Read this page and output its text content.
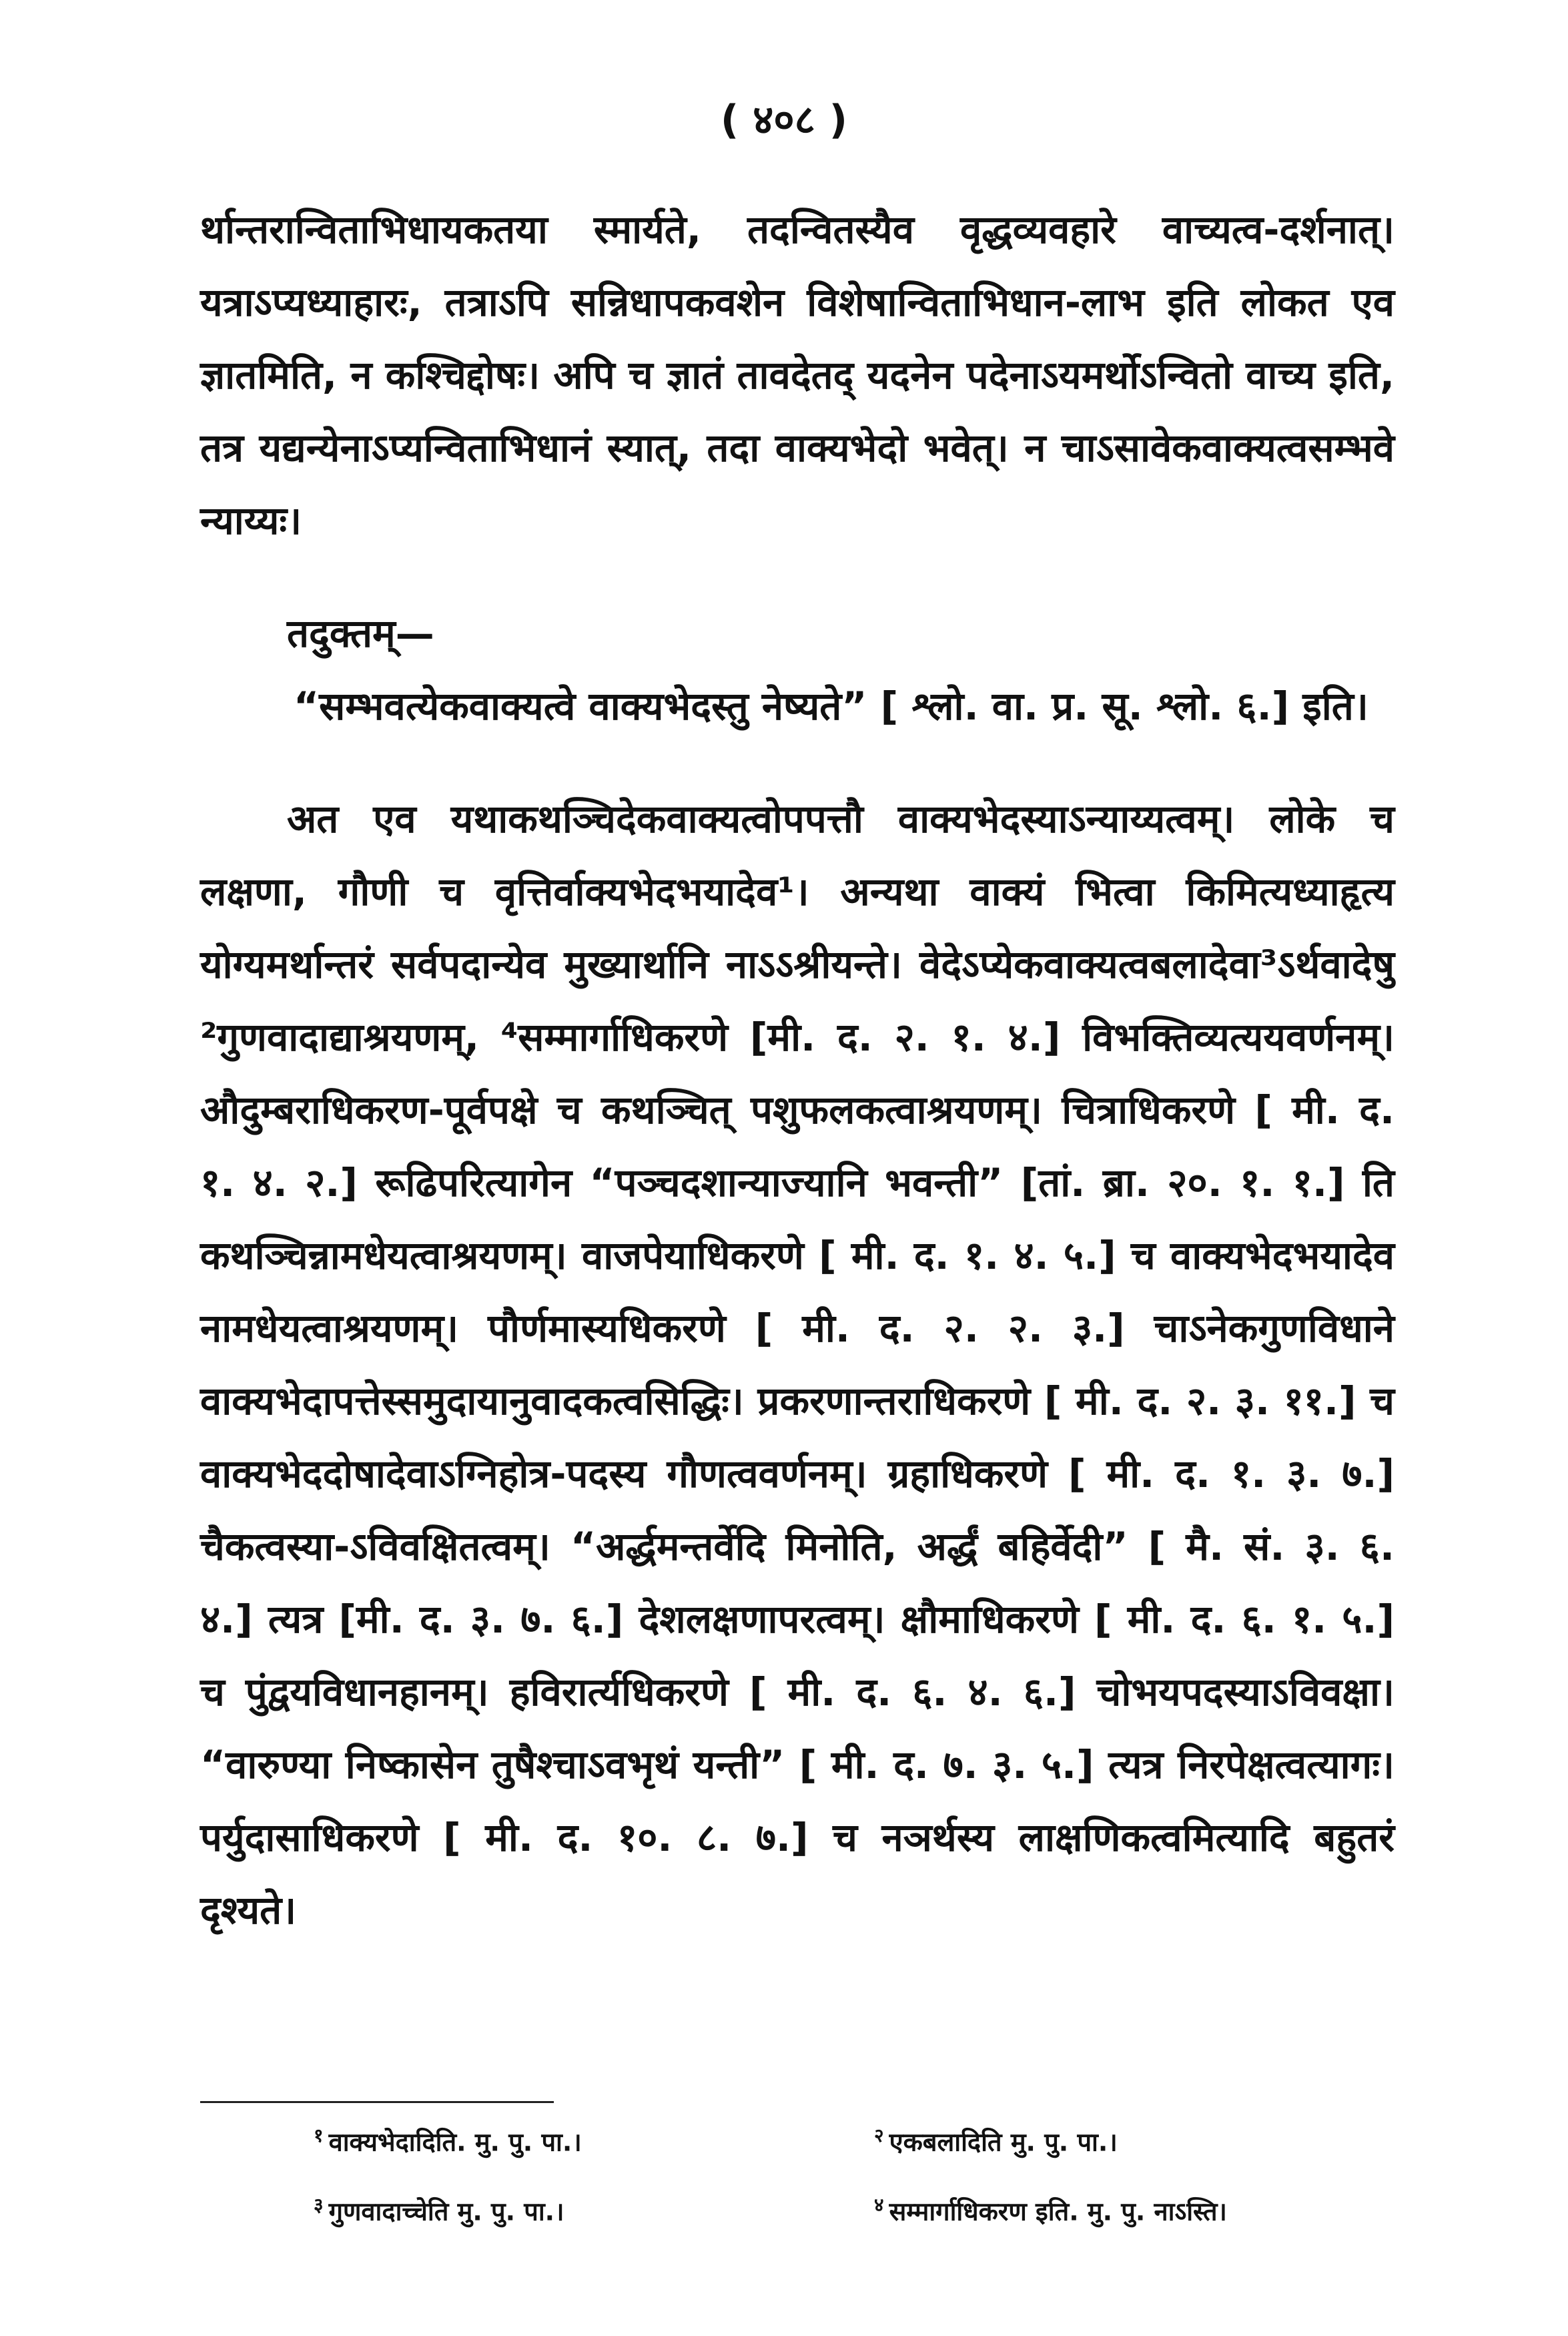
( ४०८ )

र्थान्तरान्विताभिधायकतया स्मार्यते, तदन्वितस्यैव वृद्धव्यवहारे वाच्यत्व-दर्शनात्। यत्राऽप्यध्याहारः, तत्राऽपि सन्निधापकवशेन विशेषान्विताभिधान-लाभ इति लोकत एव ज्ञातमिति, न कश्चिद्दोषः। अपि च ज्ञातं तावदेतद् यदनेन पदेनाऽयमर्थोऽन्वितो वाच्य इति, तत्र यद्यन्येनाऽप्यन्विताभिधानं स्यात्, तदा वाक्यभेदो भवेत्। न चाऽसावेकवाक्यत्वसम्भवे न्याय्यः।

तदुक्तम्—
“सम्भवत्येकवाक्यत्वे वाक्यभेदस्तु नेष्यते” [ श्लो. वा. प्र. सू. श्लो. ६.] इति।

अत एव यथाकथञ्चिदेकवाक्यत्वोपपत्तौ वाक्यभेदस्याऽन्याय्यत्वम्। लोके च लक्षणा, गौणी च वृत्तिर्वाक्यभेदभयादेव¹। अन्यथा वाक्यं भित्वा किमित्यध्याहृत्य योग्यमर्थान्तरं सर्वपदान्येव मुख्यार्थानि नाऽऽश्रीयन्ते। वेदेऽप्येकवाक्यत्वबलादेवा³ऽर्थवादेषु ²गुणवादाद्याश्रयणम्, ⁴सम्मार्गाधिकरणे [मी. द. २. १. ४.] विभक्तिव्यत्ययवर्णनम्। औदुम्बराधिकरण-पूर्वपक्षे च कथञ्चित् पशुफलकत्वाश्रयणम्। चित्राधिकरणे [ मी. द. १. ४. २.] रूढिपरित्यागेन “पञ्चदशान्याज्यानि भवन्ती” [तां. ब्रा. २०. १. १.] ति कथञ्चिन्नामधेयत्वाश्रयणम्। वाजपेयाधिकरणे [ मी. द. १. ४. ५.] च वाक्यभेदभयादेव नामधेयत्वाश्रयणम्। पौर्णमास्यधिकरणे [ मी. द. २. २. ३.] चाऽनेकगुणविधाने वाक्यभेदापत्तेस्समुदायानुवादकत्वसिद्धिः। प्रकरणान्तराधिकरणे [ मी. द. २. ३. ११.] च वाक्यभेददोषादेवाऽग्निहोत्र-पदस्य गौणत्ववर्णनम्। ग्रहाधिकरणे [ मी. द. १. ३. ७.] चैकत्वस्या-ऽविवक्षितत्वम्। “अर्द्धमन्तर्वेदि मिनोति, अर्द्धं बहिर्वेदी” [ मै. सं. ३. ६. ४.] त्यत्र [मी. द. ३. ७. ६.] देशलक्षणापरत्वम्। क्षौमाधिकरणे [ मी. द. ६. १. ५.] च पुंद्वयविधानहानम्। हविरार्त्यधिकरणे [ मी. द. ६. ४. ६.] चोभयपदस्याऽविवक्षा। “वारुण्या निष्कासेन तुषैश्चाऽवभृथं यन्ती” [ मी. द. ७. ३. ५.] त्यत्र निरपेक्षत्वत्यागः। पर्युदासाधिकरणे [ मी. द. १०. ८. ७.] च नञर्थस्य लाक्षणिकत्वमित्यादि बहुतरं दृश्यते।

$^१$ वाक्यभेदादिति. मु. पु. पा.।	$^२$ एकबलादिति मु. पु. पा.।
$^३$ गुणवादाच्चेति मु. पु. पा.।	$^४$ सम्मार्गाधिकरण इति. मु. पु. नाऽस्ति।
